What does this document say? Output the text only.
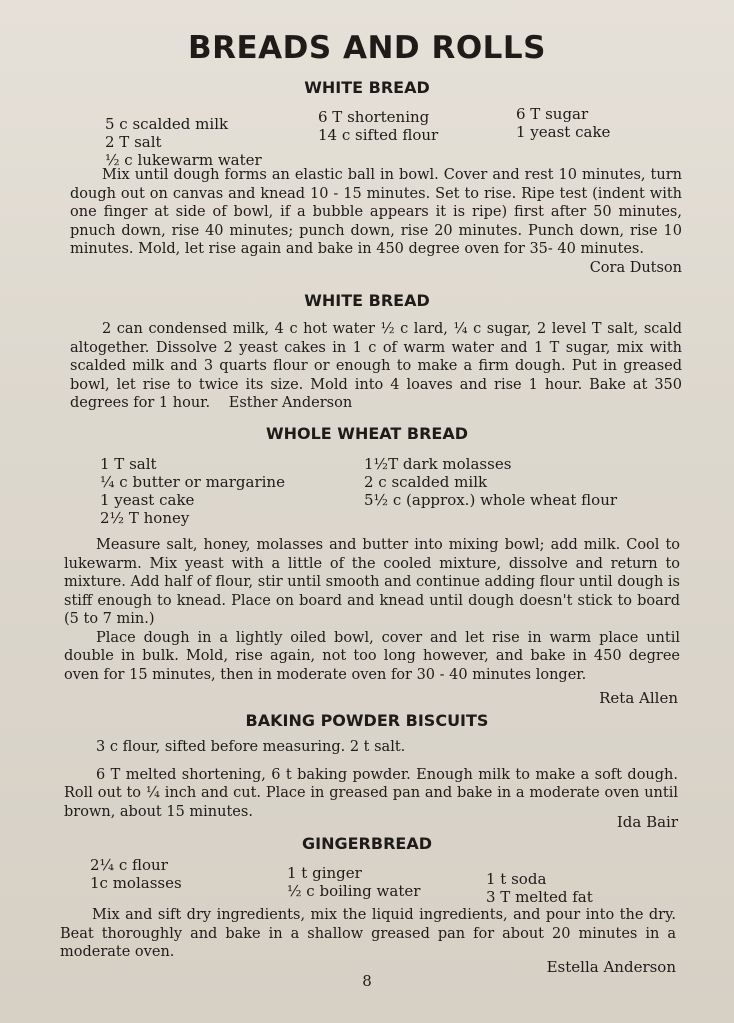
BREADS AND ROLLS
WHITE BREAD
5 c scalded milk
2 T salt
½ c lukewarm water
6 T shortening
14 c sifted flour
6 T sugar
1 yeast cake
Mix until dough forms an elastic ball in bowl. Cover and rest 10 minutes, turn dough out on canvas and knead 10 - 15 minutes. Set to rise. Ripe test (indent with one finger at side of bowl, if a bubble appears it is ripe) first after 50 minutes, pnuch down, rise 40 minutes; punch down, rise 20 minutes. Punch down, rise 10 minutes. Mold, let rise again and bake in 450 degree oven for 35- 40 minutes.
Cora Dutson
WHITE BREAD
2 can condensed milk, 4 c hot water ½ c lard, ¼ c sugar, 2 level T salt, scald altogether. Dissolve 2 yeast cakes in 1 c of warm water and 1 T sugar, mix with scalded milk and 3 quarts flour or enough to make a firm dough. Put in greased bowl, let rise to twice its size. Mold into 4 loaves and rise 1 hour. Bake at 350 degrees for 1 hour. Esther Anderson
WHOLE WHEAT BREAD
1 T salt
¼ c butter or margarine
1 yeast cake
2½ T honey
1½T dark molasses
2 c scalded milk
5½ c (approx.) whole wheat flour
Measure salt, honey, molasses and butter into mixing bowl; add milk. Cool to lukewarm. Mix yeast with a little of the cooled mixture, dissolve and return to mixture. Add half of flour, stir until smooth and continue adding flour until dough is stiff enough to knead. Place on board and knead until dough doesn't stick to board (5 to 7 min.)
Place dough in a lightly oiled bowl, cover and let rise in warm place until double in bulk. Mold, rise again, not too long however, and bake in 450 degree oven for 15 minutes, then in moderate oven for 30 - 40 minutes longer.
Reta Allen
BAKING POWDER BISCUITS
3 c flour, sifted before measuring. 2 t salt.
6 T melted shortening, 6 t baking powder. Enough milk to make a soft dough. Roll out to ¼ inch and cut. Place in greased pan and bake in a moderate oven until brown, about 15 minutes.
Ida Bair
GINGERBREAD
2¼ c flour
1c molasses
1 t ginger
½ c boiling water
1 t soda
3 T melted fat
Mix and sift dry ingredients, mix the liquid ingredients, and pour into the dry. Beat thoroughly and bake in a shallow greased pan for about 20 minutes in a moderate oven.
Estella Anderson
8
